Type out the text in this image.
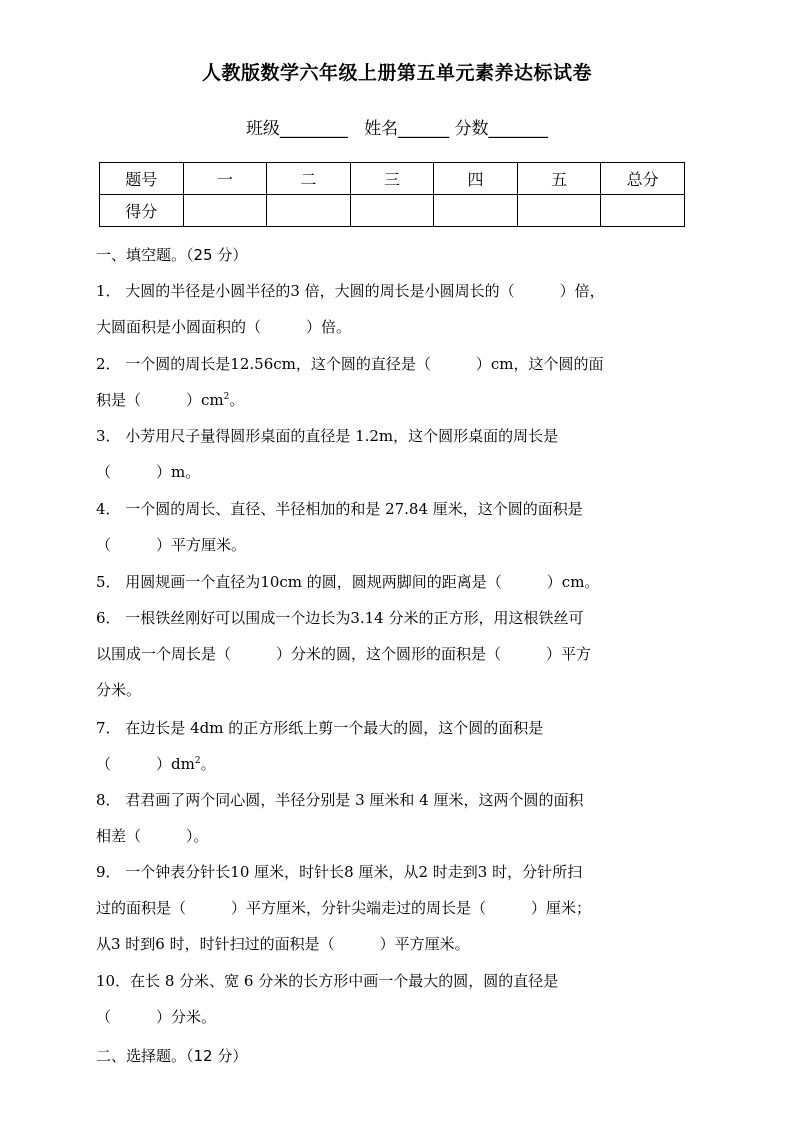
人教版数学六年级上册第五单元素养达标试卷
班级________ 姓名______ 分数_______
题号	一	二	三	四	五	总分
得分						
一、填空题。（25 分）
1． 大圆的半径是小圆半径的3 倍，大圆的周长是小圆周长的（　　　）倍，
大圆面积是小圆面积的（　　　）倍。
2． 一个圆的周长是12.56cm，这个圆的直径是（　　　）cm，这个圆的面
积是（　　　）$cm^2$。
3． 小芳用尺子量得圆形桌面的直径是 1.2m，这个圆形桌面的周长是
（　　　）m。
4． 一个圆的周长、直径、半径相加的和是 27.84 厘米，这个圆的面积是
（　　　）平方厘米。
5． 用圆规画一个直径为10cm 的圆，圆规两脚间的距离是（　　　）cm。
6． 一根铁丝刚好可以围成一个边长为3.14 分米的正方形，用这根铁丝可
以围成一个周长是（　　　）分米的圆，这个圆形的面积是（　　　）平方
分米。
7． 在边长是 4dm 的正方形纸上剪一个最大的圆，这个圆的面积是
（　　　）$dm^2$。
8． 君君画了两个同心圆，半径分别是 3 厘米和 4 厘米，这两个圆的面积
相差（　　　）。
9． 一个钟表分针长10 厘米，时针长8 厘米，从2 时走到3 时，分针所扫
过的面积是（　　　）平方厘米，分针尖端走过的周长是（　　　）厘米；
从3 时到6 时，时针扫过的面积是（　　　）平方厘米。
10．在长 8 分米、宽 6 分米的长方形中画一个最大的圆，圆的直径是
（　　　）分米。
二、选择题。（12 分）
